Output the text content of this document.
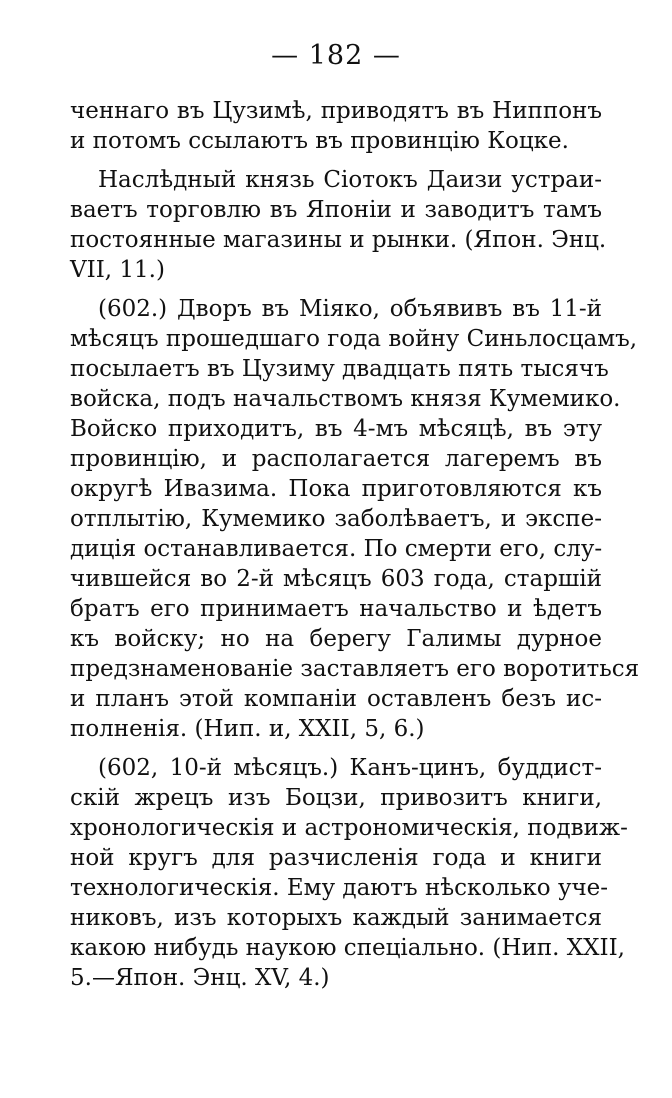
— 182 —
ченнаго въ Цузимѣ, приводятъ въ Ниппонъ
и потомъ ссылаютъ въ провинцію Коцке.
Наслѣдный князь Сіотокъ Даизи устраи-
ваетъ торговлю въ Японіи и заводитъ тамъ
постоянные магазины и рынки. (Япон. Энц.
VII, 11.)
(602.) Дворъ въ Міяко, объявивъ въ 11-й
мѣсяцъ прошедшаго года войну Синьлосцамъ,
посылаетъ въ Цузиму двадцать пять тысячъ
войска, подъ начальствомъ князя Кумемико.
Войско приходитъ, въ 4-мъ мѣсяцѣ, въ эту
провинцію, и располагается лагеремъ въ
округѣ Ивазима. Пока приготовляются къ
отплытію, Кумемико заболѣваетъ, и экспе-
диція останавливается. По смерти его, слу-
чившейся во 2-й мѣсяцъ 603 года, старшій
братъ его принимаетъ начальство и ѣдетъ
къ войску; но на берегу Галимы дурное
предзнаменованіе заставляетъ его воротиться
и планъ этой компаніи оставленъ безъ ис-
полненія. (Нип. и, XXII, 5, 6.)
(602, 10-й мѣсяцъ.) Канъ-цинъ, буддист-
скій жрецъ изъ Боцзи, привозитъ книги,
хронологическія и астрономическія, подвиж-
ной кругъ для разчисленія года и книги
технологическія. Ему даютъ нѣсколько уче-
никовъ, изъ которыхъ каждый занимается
какою нибудь наукою спеціально. (Нип. XXII,
5.—Япон. Энц. XV, 4.)
